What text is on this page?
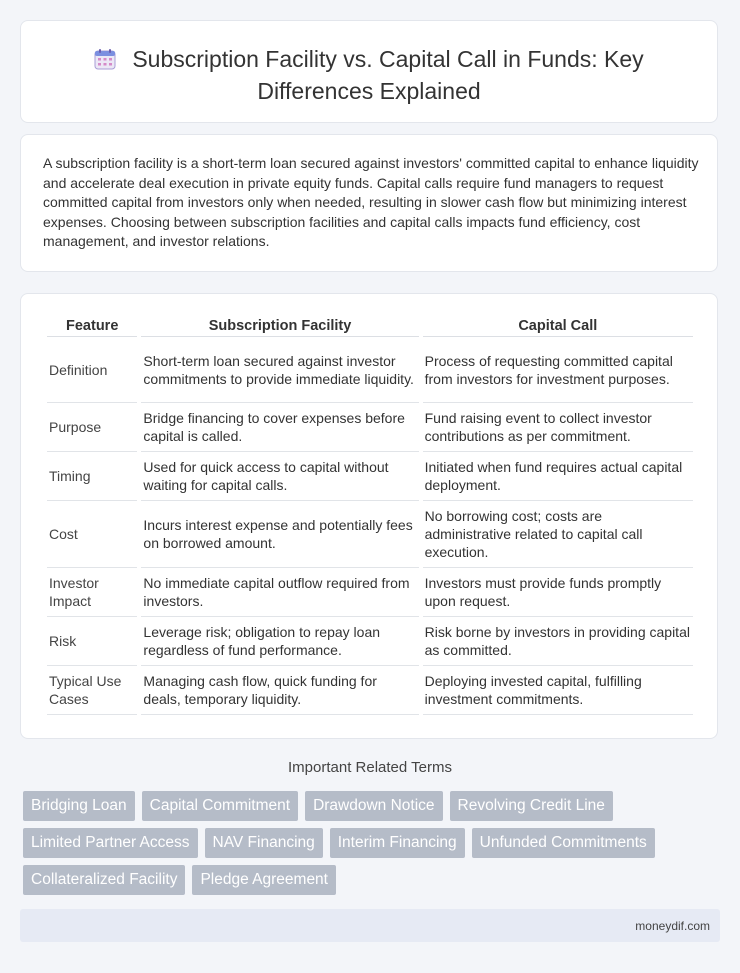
Subscription Facility vs. Capital Call in Funds: Key
Differences Explained
A subscription facility is a short-term loan secured against investors' committed capital to enhance liquidity and accelerate deal execution in private equity funds. Capital calls require fund managers to request committed capital from investors only when needed, resulting in slower cash flow but minimizing interest expenses. Choosing between subscription facilities and capital calls impacts fund efficiency, cost management, and investor relations.
Feature	Subscription Facility	Capital Call
Definition	Short-term loan secured against investor commitments to provide immediate liquidity.	Process of requesting committed capital from investors for investment purposes.
Purpose	Bridge financing to cover expenses before capital is called.	Fund raising event to collect investor contributions as per commitment.
Timing	Used for quick access to capital without waiting for capital calls.	Initiated when fund requires actual capital deployment.
Cost	Incurs interest expense and potentially fees on borrowed amount.	No borrowing cost; costs are administrative related to capital call execution.
Investor Impact	No immediate capital outflow required from investors.	Investors must provide funds promptly upon request.
Risk	Leverage risk; obligation to repay loan regardless of fund performance.	Risk borne by investors in providing capital as committed.
Typical Use Cases	Managing cash flow, quick funding for deals, temporary liquidity.	Deploying invested capital, fulfilling investment commitments.
Important Related Terms
Bridging Loan	Capital Commitment	Drawdown Notice	Revolving Credit Line
Limited Partner Access	NAV Financing	Interim Financing	Unfunded Commitments
Collateralized Facility	Pledge Agreement
moneydif.com
